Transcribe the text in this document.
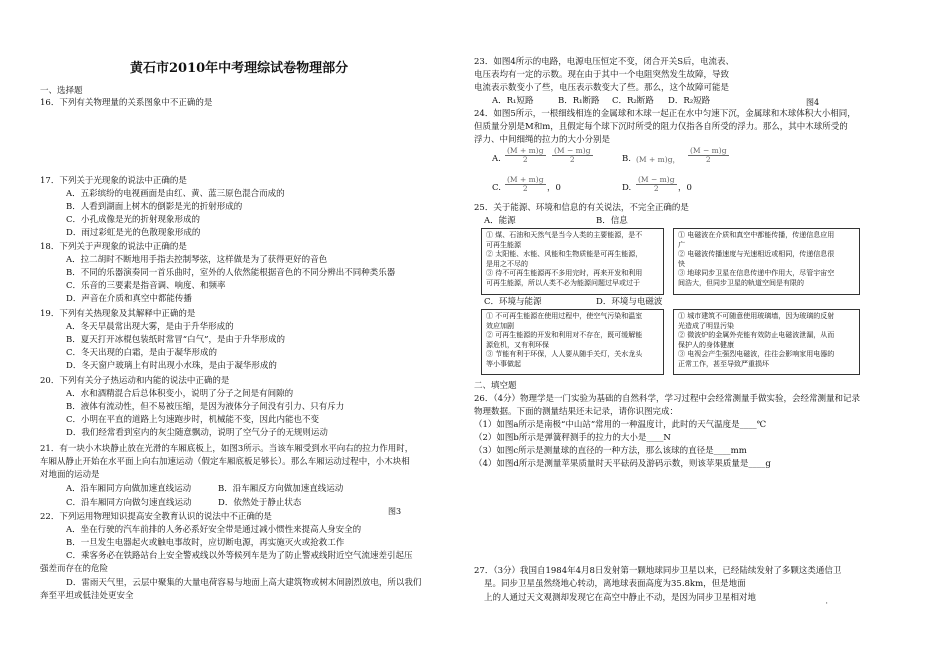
黄石市2010年中考理综试卷物理部分
一、选择题
16．下列有关物理量的关系图象中不正确的是
17．下列关于光现象的说法中正确的是
A．五彩缤纷的电视画面是由红、黄、蓝三原色混合而成的
B．人看到湖面上树木的倒影是光的折射形成的
C．小孔成像是光的折射现象形成的
D．雨过彩虹是光的色散现象形成的
18．下列关于声现象的说法中正确的是
A．拉二胡时不断地用手指去控制琴弦，这样做是为了获得更好的音色
B．不同的乐器演奏同一首乐曲时，室外的人依然能根据音色的不同分辨出不同种类乐器
C．乐音的三要素是指音调、响度、和频率
D．声音在介质和真空中都能传播
19．下列有关热现象及其解释中正确的是
A．冬天早晨常出现大雾，是由于升华形成的
B．夏天打开冰棍包装纸时常冒“白气”，是由于升华形成的
C．冬天出现的白霜，是由于凝华形成的
D．冬天窗户玻璃上有时出现小水珠，是由于凝华形成的
20．下列有关分子热运动和内能的说法中正确的是
A．水和酒精混合后总体积变小，说明了分子之间是有间隙的
B．液体有流动性，但不易被压缩，是因为液体分子间没有引力、只有斥力
C．小明在平直的道路上匀速跑步时，机械能不变，因此内能也不变
D．我们经常看到室内的灰尘随意飘动，说明了空气分子的无规则运动
21．有一块小木块静止放在光滑的车厢底板上，如图3所示。当该车厢受到水平向右的拉力作用时，
车厢从静止开始在水平面上向右加速运动（假定车厢底板足够长）。那么车厢运动过程中，小木块相
对地面的运动是
A．沿车厢同方向做加速直线运动	B．沿车厢反方向做加速直线运动
C．沿车厢同方向做匀速直线运动	D．依然处于静止状态
图3
22．下列运用物理知识提高安全教育认识的说法中不正确的是
A．坐在行驶的汽车前排的人务必系好安全带是通过减小惯性来提高人身安全的
B．一旦发生电器起火或触电事故时，应切断电源，再实施灭火或抢救工作
C．乘客务必在铁路站台上安全警戒线以外等候列车是为了防止警戒线附近空气流速差引起压
强差而存在的危险
D．雷雨天气里，云层中聚集的大量电荷容易与地面上高大建筑物或树木间剧烈放电，所以我们
奔至平坦或低洼处更安全
23．如图4所示的电路，电源电压恒定不变，闭合开关S后，电流表、
电压表均有一定的示数。现在由于其中一个电阻突然发生故障，导致
电流表示数变小了些，电压表示数变大了些。那么，这个故障可能是
A．R₁短路	B．R₁断路 C．R₂断路 D．R₂短路	图4
24．如图5所示，一根细线相连的金属球和木球一起正在水中匀速下沉，金属球和木球体积大小相同，
但质量分别是M和m，且假定每个球下沉时所受的阻力仅指各自所受的浮力。那么，其中木球所受的
浮力、中间细绳的拉力的大小分别是
A. $\frac{(M + m)g}{2} \frac{(M - m)g}{2}$	B. (M + m)g， $\frac{(M - m)g}{2}$
C. $\frac{(M + m)g}{2}$ ，0	D. $\frac{(M - m)g}{2}$ ，0
25．关于能源、环境和信息的有关说法，不完全正确的是
A．能源	B．信息
① 煤、石油和天然气是当今人类的主要能源，是不
可再生能源
② 太阳能、水能、风能和生物质能是可再生能源，
是用之不尽的
③ 待不可再生能源再不多用完时，再来开发和利用
可再生能源，所以人类不必为能源问题过早或过于
① 电磁波在介质和真空中都能传播，传递信息应用
广
② 电磁波传播速度与光速相近或相同，传递信息很
快
③ 地球同步卫星在信息传递中作用大，尽管宇宙空
间浩大，但同步卫星的轨道空间是有限的
C．环境与能源	D．环境与电磁波
① 不可再生能源在使用过程中，使空气污染和温室
效应加剧
② 可再生能源的开发和利用对不存在，既可缓解能
源危机，又有利环保
③ 节能有利于环保，人人要从随手关灯，关水龙头
等小事做起
① 城市建筑不可随意使用玻璃墙，因为玻璃的反射
光造成了明显污染
② 微波炉的金属外壳能有效防止电磁波泄漏，从而
保护人的身体健康
③ 电视会产生强烈电磁波，往往会影响家用电器的
正常工作，甚至导致严重损坏
二、填空题
26．（4分）物理学是一门实验为基础的自然科学，学习过程中会经常测量手做实验，会经常测量和记录
物理数据。下面的测量结果还未记录，请你识图完成：
（1）如图a所示是南极“中山站”常用的一种温度计，此时的天气温度是____℃
（2）如图b所示是弹簧秤测手的拉力的大小是____N
（3）如图c所示是测量球的直径的一种方法，那么该球的直径是____mm
（4）如图d所示是测量苹果质量时天平砝码及游码示数，则该苹果质量是____g
27．（3分）我国自1984年4月8日发射第一颗地球同步卫星以来，已经陆续发射了多颗这类通信卫
星。同步卫星虽然绕地心转动，离地球表面高度为35.8km，但是地面
上的人通过天文观测却发现它在高空中静止不动，是因为同步卫星相对地
'
